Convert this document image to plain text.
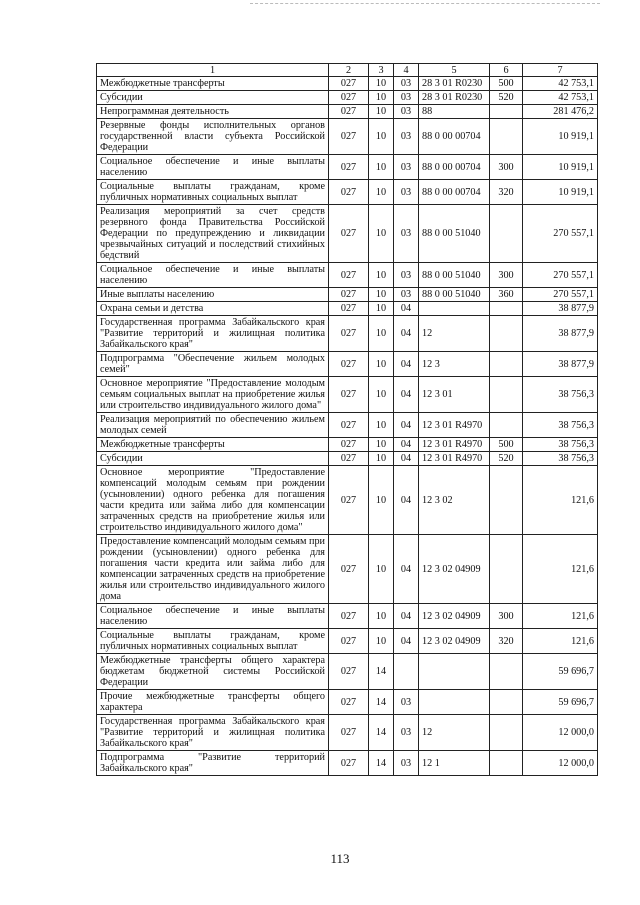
1	2	3	4	5	6	7
Межбюджетные трансферты	027	10	03	28 3 01 R0230	500	42 753,1
Субсидии	027	10	03	28 3 01 R0230	520	42 753,1
Непрограммная деятельность	027	10	03	88		281 476,2
Резервные фонды исполнительных органов государственной власти субъекта Российской Федерации	027	10	03	88 0 00 00704		10 919,1
Социальное обеспечение и иные выплаты населению	027	10	03	88 0 00 00704	300	10 919,1
Социальные выплаты гражданам, кроме публичных нормативных социальных выплат	027	10	03	88 0 00 00704	320	10 919,1
Реализация мероприятий за счет средств резервного фонда Правительства Российской Федерации по предупреждению и ликвидации чрезвычайных ситуаций и последствий стихийных бедствий	027	10	03	88 0 00 51040		270 557,1
Социальное обеспечение и иные выплаты населению	027	10	03	88 0 00 51040	300	270 557,1
Иные выплаты населению	027	10	03	88 0 00 51040	360	270 557,1
Охрана семьи и детства	027	10	04			38 877,9
Государственная программа Забайкальского края "Развитие территорий и жилищная политика Забайкальского края"	027	10	04	12		38 877,9
Подпрограмма "Обеспечение жильем молодых семей"	027	10	04	12 3		38 877,9
Основное мероприятие "Предоставление молодым семьям социальных выплат на приобретение жилья или строительство индивидуального жилого дома"	027	10	04	12 3 01		38 756,3
Реализация мероприятий по обеспечению жильем молодых семей	027	10	04	12 3 01 R4970		38 756,3
Межбюджетные трансферты	027	10	04	12 3 01 R4970	500	38 756,3
Субсидии	027	10	04	12 3 01 R4970	520	38 756,3
Основное мероприятие "Предоставление компенсаций молодым семьям при рождении (усыновлении) одного ребенка для погашения части кредита или займа либо для компенсации затраченных средств на приобретение жилья или строительство индивидуального жилого дома"	027	10	04	12 3 02		121,6
Предоставление компенсаций молодым семьям при рождении (усыновлении) одного ребенка для погашения части кредита или займа либо для компенсации затраченных средств на приобретение жилья или строительство индивидуального жилого дома	027	10	04	12 3 02 04909		121,6
Социальное обеспечение и иные выплаты населению	027	10	04	12 3 02 04909	300	121,6
Социальные выплаты гражданам, кроме публичных нормативных социальных выплат	027	10	04	12 3 02 04909	320	121,6
Межбюджетные трансферты общего характера бюджетам бюджетной системы Российской Федерации	027	14				59 696,7
Прочие межбюджетные трансферты общего характера	027	14	03			59 696,7
Государственная программа Забайкальского края "Развитие территорий и жилищная политика Забайкальского края"	027	14	03	12		12 000,0
Подпрограмма "Развитие территорий Забайкальского края"	027	14	03	12 1		12 000,0
113
